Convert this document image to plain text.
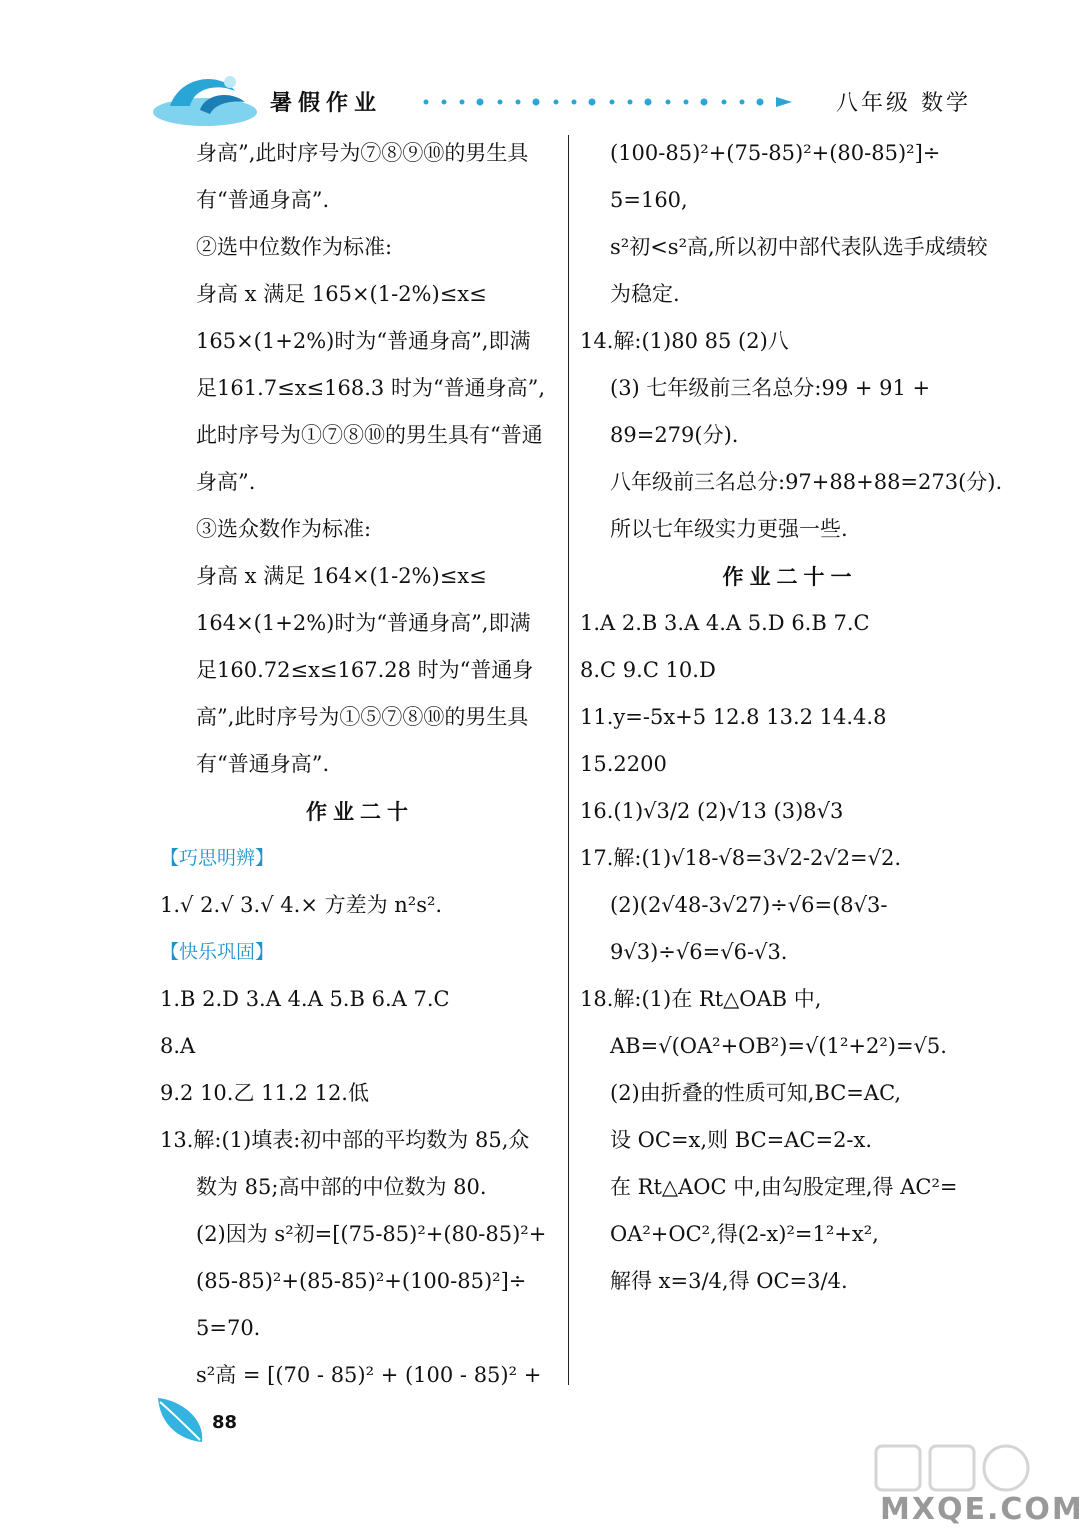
暑假作业	八年级 数学
身高”,此时序号为⑦⑧⑨⑩的男生具
有“普通身高”.
②选中位数作为标准:
身高 x 满足 165×(1-2%)≤x≤
165×(1+2%)时为“普通身高”,即满
足161.7≤x≤168.3 时为“普通身高”,
此时序号为①⑦⑧⑩的男生具有“普通
身高”.
③选众数作为标准:
身高 x 满足 164×(1-2%)≤x≤
164×(1+2%)时为“普通身高”,即满
足160.72≤x≤167.28 时为“普通身
高”,此时序号为①⑤⑦⑧⑩的男生具
有“普通身高”.
作业二十
【巧思明辨】
1.√ 2.√ 3.√ 4.× 方差为 n²s².
【快乐巩固】
1.B 2.D 3.A 4.A 5.B 6.A 7.C
8.A
9.2 10.乙 11.2 12.低
13.解:(1)填表:初中部的平均数为 85,众
数为 85;高中部的中位数为 80.
(2)因为 s²初=[(75-85)²+(80-85)²+
(85-85)²+(85-85)²+(100-85)²]÷
5=70.
s²高 = [(70 - 85)² + (100 - 85)² +
(100-85)²+(75-85)²+(80-85)²]÷
5=160,
s²初<s²高,所以初中部代表队选手成绩较
为稳定.
14.解:(1)80 85 (2)八
(3) 七年级前三名总分:99 + 91 +
89=279(分).
八年级前三名总分:97+88+88=273(分).
所以七年级实力更强一些.
作业二十一
1.A 2.B 3.A 4.A 5.D 6.B 7.C
8.C 9.C 10.D
11.y=-5x+5 12.8 13.2 14.4.8
15.2200
16.(1)√3/2 (2)√13 (3)8√3
17.解:(1)√18-√8=3√2-2√2=√2.
(2)(2√48-3√27)÷√6=(8√3-
9√3)÷√6=√6-√3.
18.解:(1)在 Rt△OAB 中,
AB=√(OA²+OB²)=√(1²+2²)=√5.
(2)由折叠的性质可知,BC=AC,
设 OC=x,则 BC=AC=2-x.
在 Rt△AOC 中,由勾股定理,得 AC²=
OA²+OC²,得(2-x)²=1²+x²,
解得 x=3/4,得 OC=3/4.
88
MXQE.COM
